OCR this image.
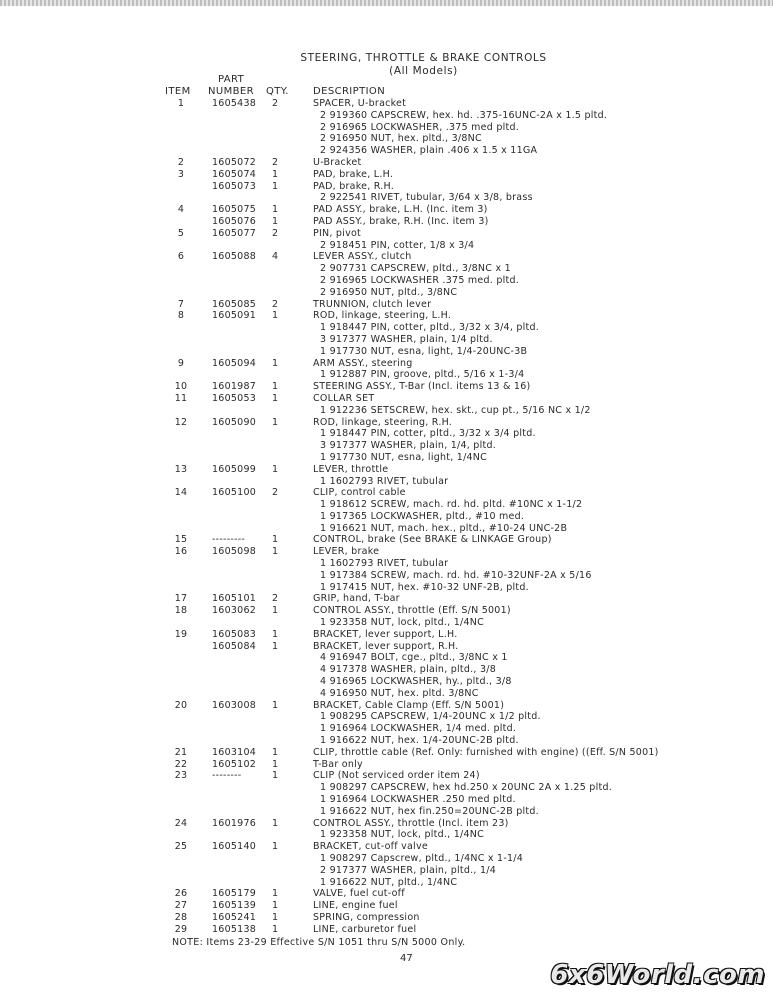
STEERING, THROTTLE & BRAKE CONTROLS
(All Models)
PART
ITEM NUMBER QTY. DESCRIPTION
1	1605438 2	SPACER, U-bracket
2 919360 CAPSCREW, hex. hd. .375-16UNC-2A x 1.5 pltd.
2 916965 LOCKWASHER, .375 med pltd.
2 916950 NUT, hex. pltd., 3/8NC
2 924356 WASHER, plain .406 x 1.5 x 11GA
2	1605072 2	U-Bracket
3	1605074 1	PAD, brake, L.H.
1605073 1	PAD, brake, R.H.
2 922541 RIVET, tubular, 3/64 x 3/8, brass
4	1605075 1	PAD ASSY., brake, L.H. (Inc. item 3)
1605076 1	PAD ASSY., brake, R.H. (Inc. item 3)
5	1605077 2	PIN, pivot
2 918451 PIN, cotter, 1/8 x 3/4
6	1605088 4	LEVER ASSY., clutch
2 907731 CAPSCREW, pltd., 3/8NC x 1
2 916965 LOCKWASHER .375 med. pltd.
2 916950 NUT, pltd., 3/8NC
7	1605085 2	TRUNNION, clutch lever
8	1605091 1	ROD, linkage, steering, L.H.
1 918447 PIN, cotter, pltd., 3/32 x 3/4, pltd.
3 917377 WASHER, plain, 1/4 pltd.
1 917730 NUT, esna, light, 1/4-20UNC-3B
9	1605094 1	ARM ASSY., steering
1 912887 PIN, groove, pltd., 5/16 x 1-3/4
10	1601987 1	STEERING ASSY., T-Bar (Incl. items 13 & 16)
11	1605053 1	COLLAR SET
1 912236 SETSCREW, hex. skt., cup pt., 5/16 NC x 1/2
12	1605090 1	ROD, linkage, steering, R.H.
1 918447 PIN, cotter, pltd., 3/32 x 3/4 pltd.
3 917377 WASHER, plain, 1/4, pltd.
1 917730 NUT, esna, light, 1/4NC
13	1605099 1	LEVER, throttle
1 1602793 RIVET, tubular
14	1605100 2	CLIP, control cable
1 918612 SCREW, mach. rd. hd. pltd. #10NC x 1-1/2
1 917365 LOCKWASHER, pltd., #10 med.
1 916621 NUT, mach. hex., pltd., #10-24 UNC-2B
15	---------	1	CONTROL, brake (See BRAKE & LINKAGE Group)
16	1605098 1	LEVER, brake
1 1602793 RIVET, tubular
1 917384 SCREW, mach. rd. hd. #10-32UNF-2A x 5/16
1 917415 NUT, hex. #10-32 UNF-2B, pltd.
17	1605101 2	GRIP, hand, T-bar
18	1603062 1	CONTROL ASSY., throttle (Eff. S/N 5001)
1 923358 NUT, lock, pltd., 1/4NC
19	1605083 1	BRACKET, lever support, L.H.
1605084 1	BRACKET, lever support, R.H.
4 916947 BOLT, cge., pltd., 3/8NC x 1
4 917378 WASHER, plain, pltd., 3/8
4 916965 LOCKWASHER, hy., pltd., 3/8
4 916950 NUT, hex. pltd. 3/8NC
20	1603008 1	BRACKET, Cable Clamp (Eff. S/N 5001)
1 908295 CAPSCREW, 1/4-20UNC x 1/2 pltd.
1 916964 LOCKWASHER, 1/4 med. pltd.
1 916622 NUT, hex. 1/4-20UNC-2B pltd.
21	1603104 1	CLIP, throttle cable (Ref. Only: furnished with engine) ((Eff. S/N 5001)
22	1605102 1	T-Bar only
23	--------	1	CLIP (Not serviced order item 24)
1 908297 CAPSCREW, hex hd.250 x 20UNC 2A x 1.25 pltd.
1 916964 LOCKWASHER .250 med pltd.
1 916622 NUT, hex fin.250=20UNC-2B pltd.
24	1601976 1	CONTROL ASSY., throttle (Incl. item 23)
1 923358 NUT, lock, pltd., 1/4NC
25	1605140 1	BRACKET, cut-off valve
1 908297 Capscrew, pltd., 1/4NC x 1-1/4
2 917377 WASHER, plain, pltd., 1/4
1 916622 NUT, pltd., 1/4NC
26	1605179 1	VALVE, fuel cut-off
27	1605139 1	LINE, engine fuel
28	1605241 1	SPRING, compression
29	1605138 1	LINE, carburetor fuel
NOTE: Items 23-29 Effective S/N 1051 thru S/N 5000 Only.
47
6x6World.com
